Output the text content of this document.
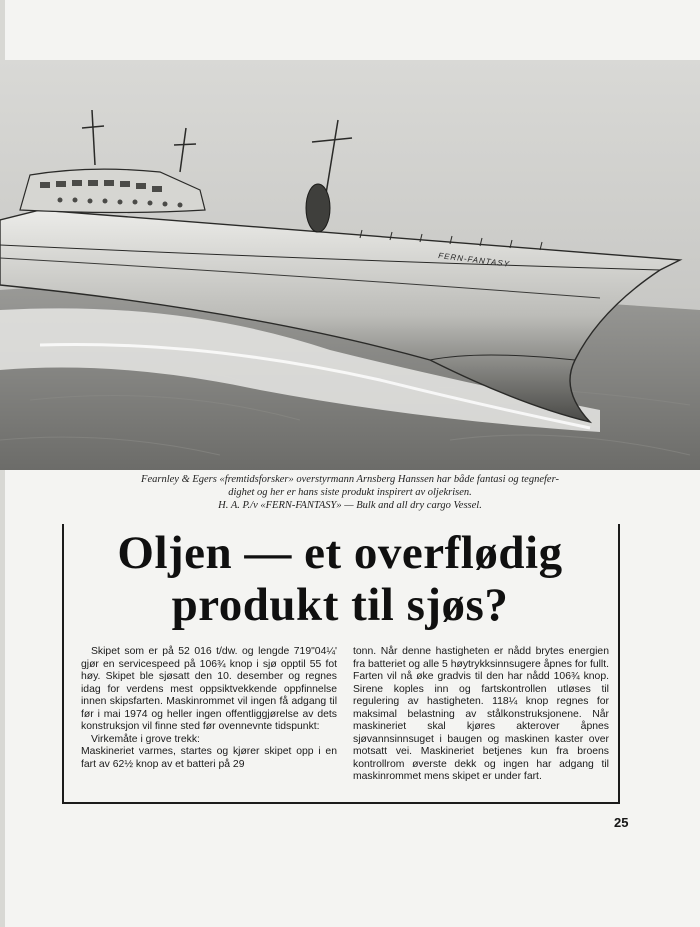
FERN-FANTASY
Fearnley & Egers «fremtidsforsker» overstyrmann Arnsberg Hanssen har både fantasi og tegnefer-
dighet og her er hans siste produkt inspirert av oljekrisen.
H. A. P./v «FERN-FANTASY» — Bulk and all dry cargo Vessel.
Oljen — et overflødig
produkt til sjøs?

Skipet som er på 52 016 t/dw. og lengde 719"04¼' gjør en servicespeed på 106¾ knop i sjø opptil 55 fot høy. Skipet ble sjøsatt den 10. desember og regnes idag for verdens mest oppsiktvekkende oppfinnelse innen skipsfarten. Maskinrommet vil ingen få adgang til før i mai 1974 og heller ingen offentliggjørelse av dets konstruksjon vil finne sted før ovennevnte tidspunkt:

Virkemåte i grove trekk:

Maskineriet varmes, startes og kjører skipet opp i en fart av 62½ knop av et batteri på 29

tonn. Når denne hastigheten er nådd brytes energien fra batteriet og alle 5 høytrykksinnsugere åpnes for fullt. Farten vil nå øke gradvis til den har nådd 106¾ knop. Sirene koples inn og fartskontrollen utløses til regulering av hastigheten. 118¼ knop regnes for maksimal belastning av stålkonstruksjonene. Når maskineriet skal kjøres akterover åpnes sjøvannsinnsuget i baugen og maskinen kaster over motsatt vei. Maskineriet betjenes kun fra broens kontrollrom øverste dekk og ingen har adgang til maskinrommet mens skipet er under fart.

25
